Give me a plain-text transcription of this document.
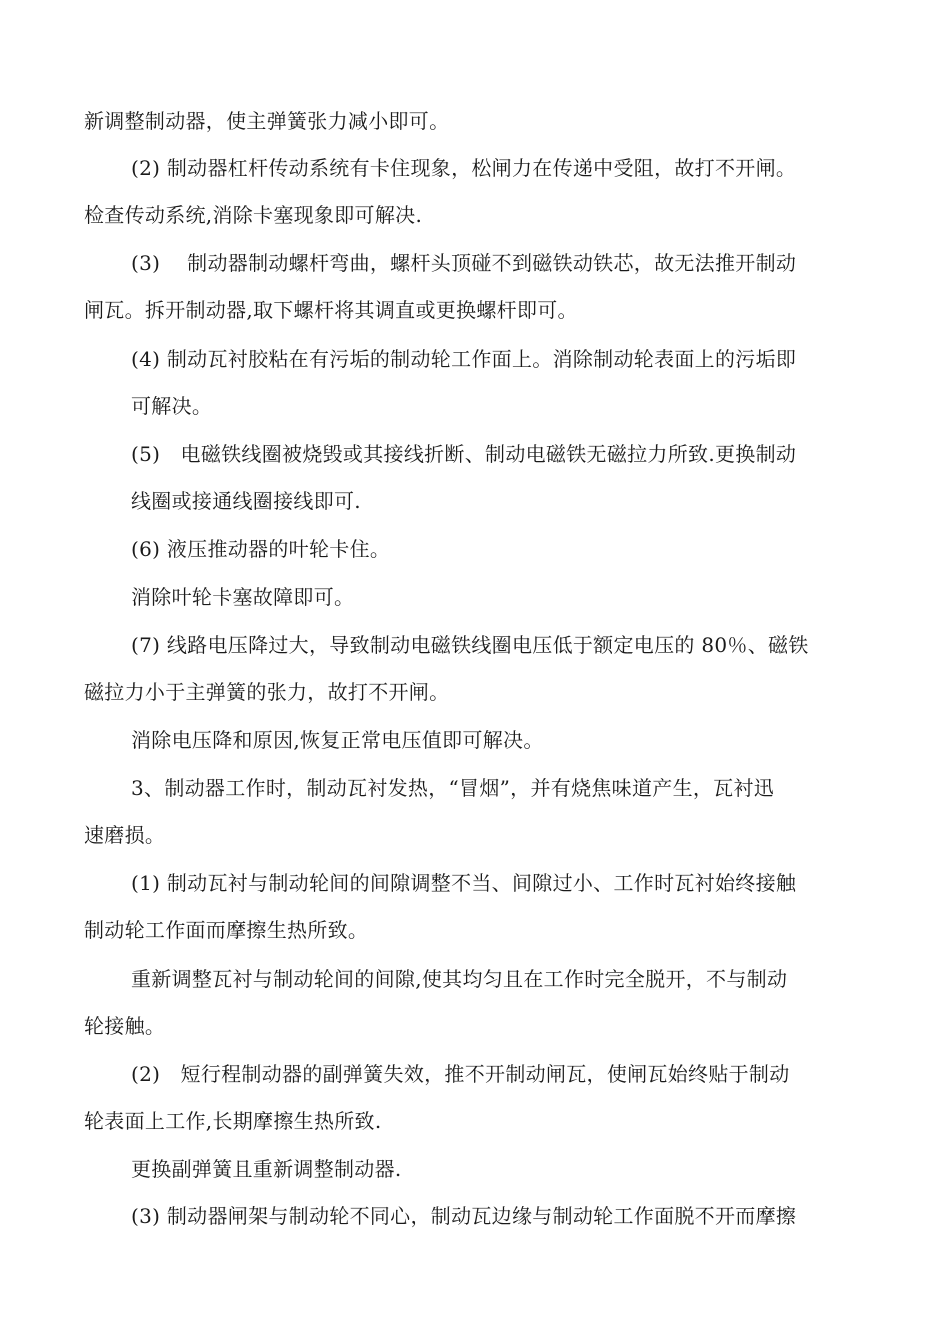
新调整制动器，使主弹簧张力减小即可。

(2) 制动器杠杆传动系统有卡住现象，松闸力在传递中受阻，故打不开闸。

检查传动系统,消除卡塞现象即可解决.

(3)　 制动器制动螺杆弯曲，螺杆头顶碰不到磁铁动铁芯，故无法推开制动

闸瓦。拆开制动器,取下螺杆将其调直或更换螺杆即可。

(4) 制动瓦衬胶粘在有污垢的制动轮工作面上。消除制动轮表面上的污垢即

可解决。

(5)　电磁铁线圈被烧毁或其接线折断、制动电磁铁无磁拉力所致.更换制动

线圈或接通线圈接线即可.

(6) 液压推动器的叶轮卡住。

消除叶轮卡塞故障即可。

(7) 线路电压降过大，导致制动电磁铁线圈电压低于额定电压的 80％、磁铁

磁拉力小于主弹簧的张力，故打不开闸。

消除电压降和原因,恢复正常电压值即可解决。

3、制动器工作时，制动瓦衬发热，“冒烟”，并有烧焦味道产生，瓦衬迅

速磨损。

(1) 制动瓦衬与制动轮间的间隙调整不当、间隙过小、工作时瓦衬始终接触

制动轮工作面而摩擦生热所致。

重新调整瓦衬与制动轮间的间隙,使其均匀且在工作时完全脱开，不与制动

轮接触。

(2)　短行程制动器的副弹簧失效，推不开制动闸瓦，使闸瓦始终贴于制动

轮表面上工作,长期摩擦生热所致.

更换副弹簧且重新调整制动器.

(3) 制动器闸架与制动轮不同心，制动瓦边缘与制动轮工作面脱不开而摩擦
